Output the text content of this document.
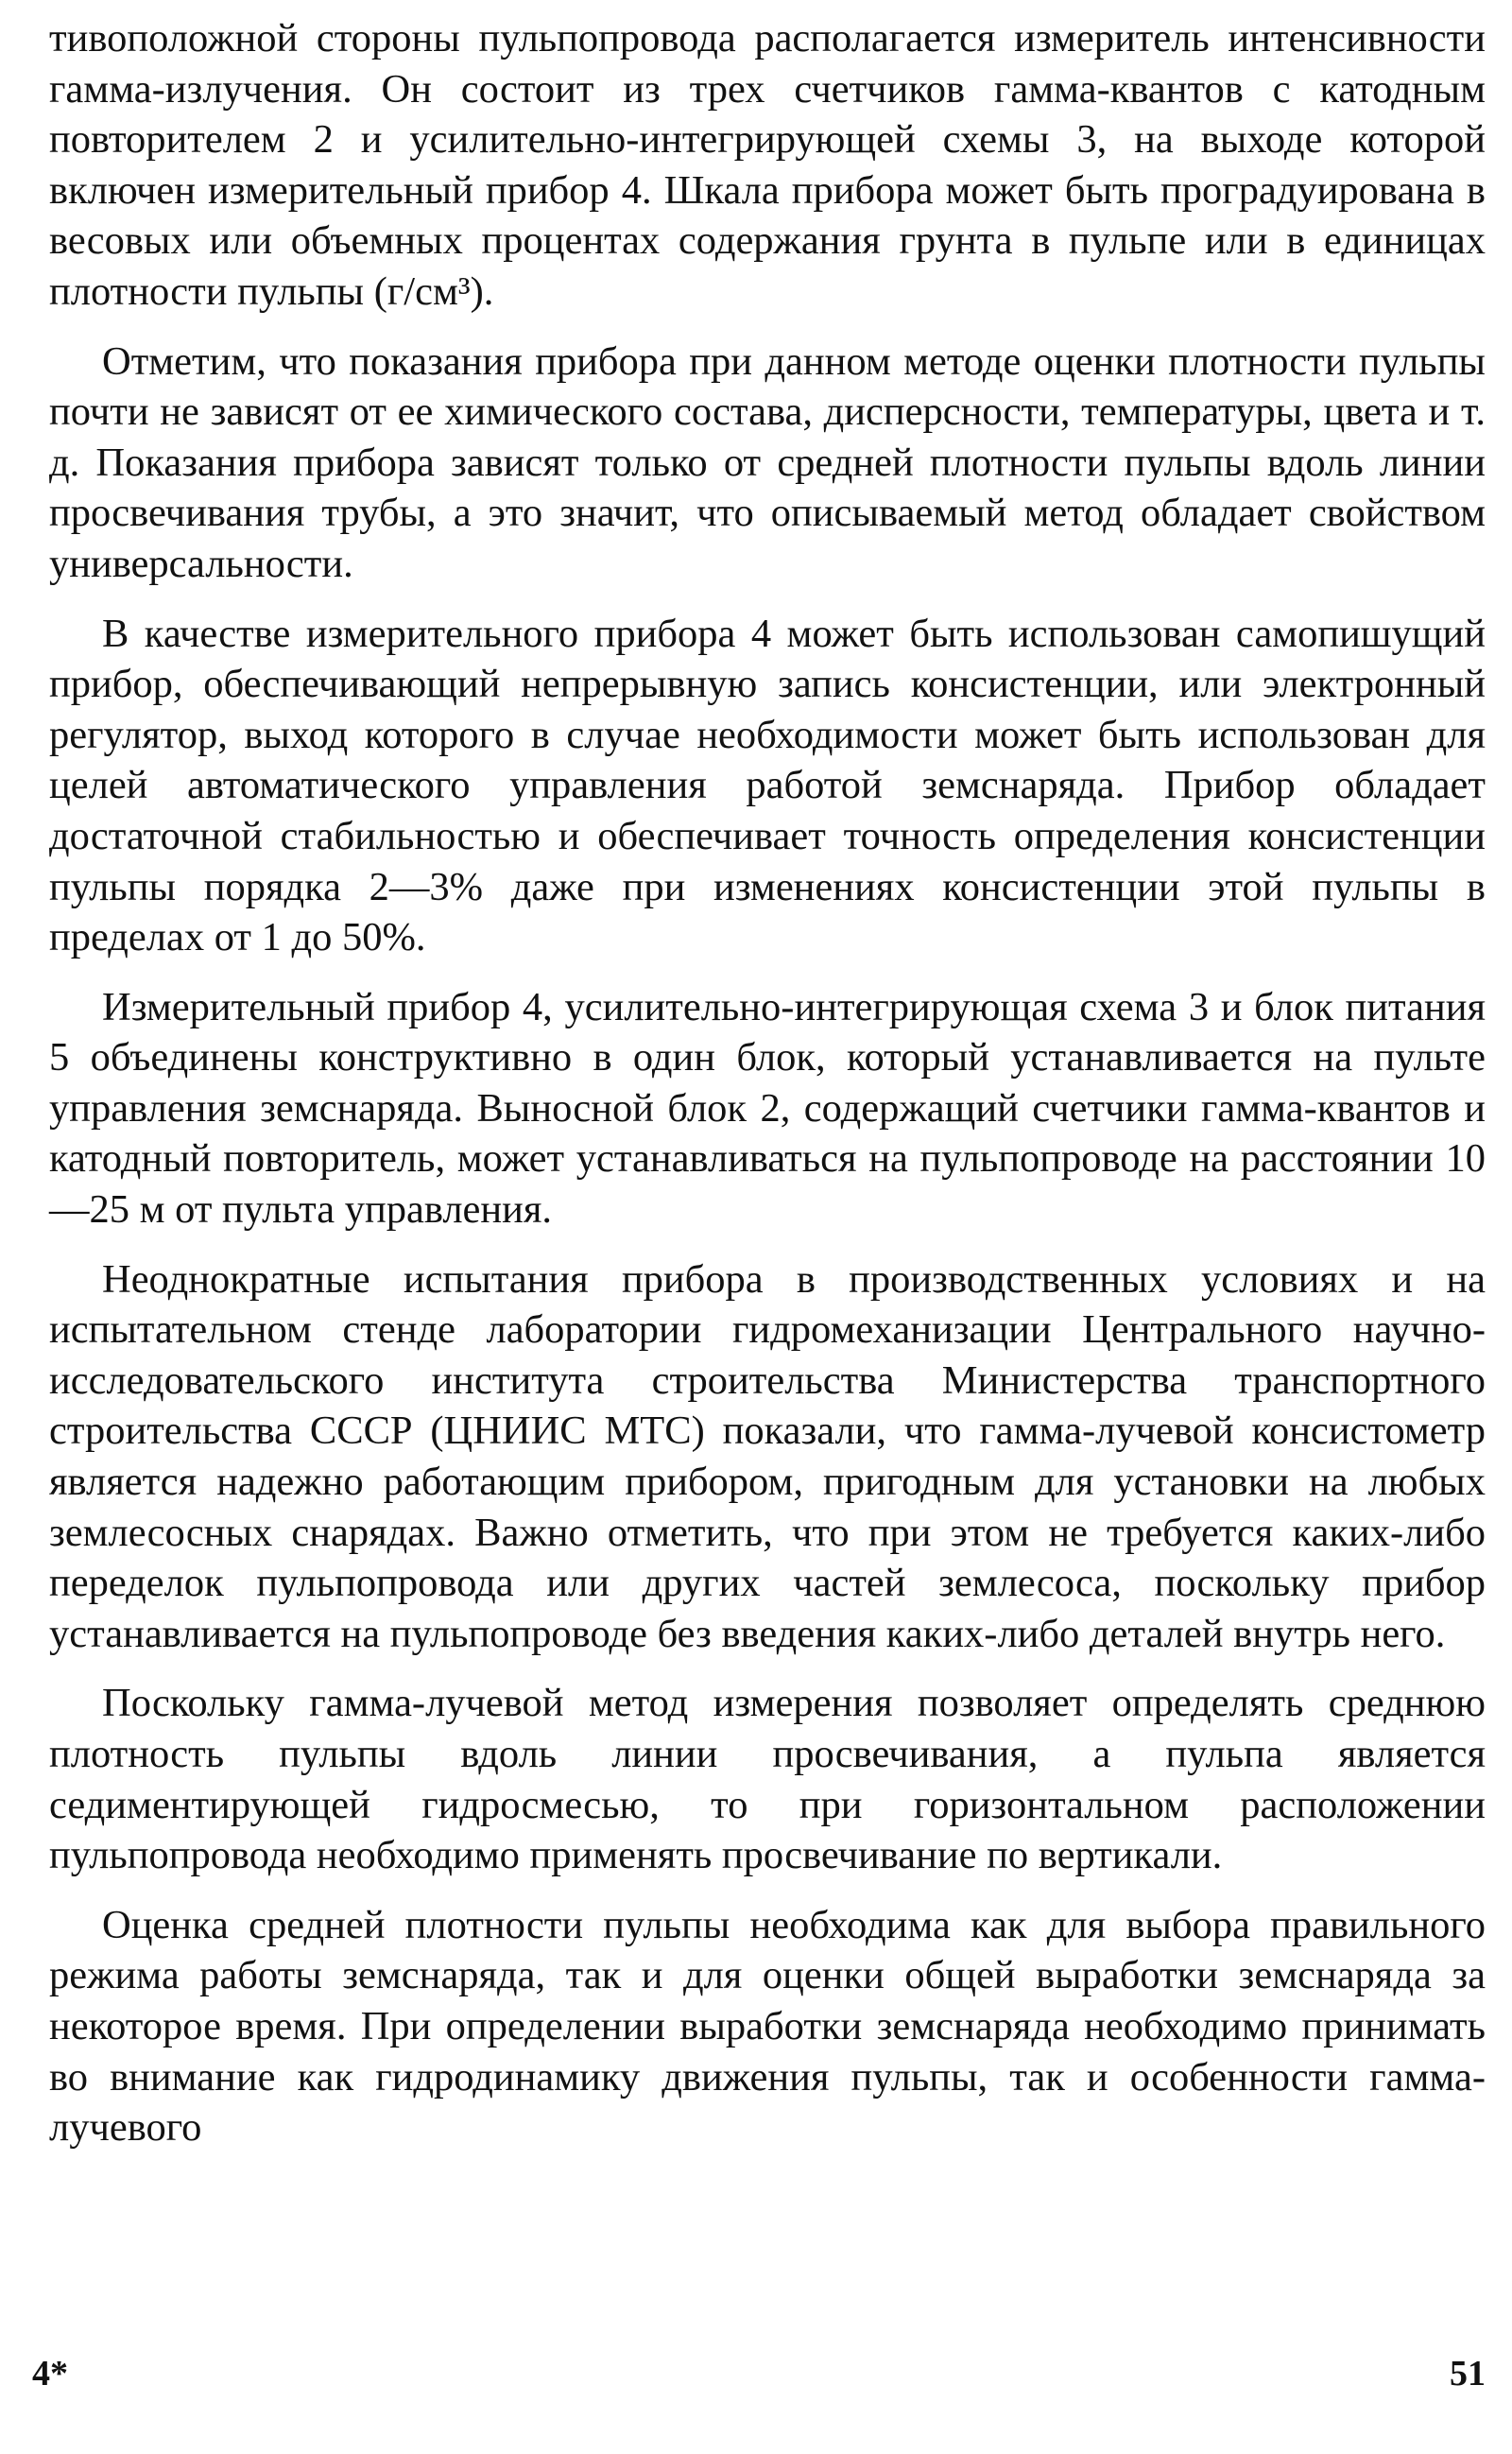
тивоположной стороны пульпопровода располагается измеритель интенсивности гамма-излучения. Он состоит из трех счетчиков гамма-квантов с катодным повторителем 2 и усилительно-интегрирующей схемы 3, на выходе которой включен измерительный прибор 4. Шкала прибора может быть проградуирована в весовых или объемных процентах содержания грунта в пульпе или в единицах плотности пульпы (г/см³).

Отметим, что показания прибора при данном методе оценки плотности пульпы почти не зависят от ее химического состава, дисперсности, температуры, цвета и т. д. Показания прибора зависят только от средней плотности пульпы вдоль линии просвечивания трубы, а это значит, что описываемый метод обладает свойством универсальности.

В качестве измерительного прибора 4 может быть использован самопишущий прибор, обеспечивающий непрерывную запись консистенции, или электронный регулятор, выход которого в случае необходимости может быть использован для целей автоматического управления работой земснаряда. Прибор обладает достаточной стабильностью и обеспечивает точность определения консистенции пульпы порядка 2—3% даже при изменениях консистенции этой пульпы в пределах от 1 до 50%.

Измерительный прибор 4, усилительно-интегрирующая схема 3 и блок питания 5 объединены конструктивно в один блок, который устанавливается на пульте управления земснаряда. Выносной блок 2, содержащий счетчики гамма-квантов и катодный повторитель, может устанавливаться на пульпопроводе на расстоянии 10—25 м от пульта управления.

Неоднократные испытания прибора в производственных условиях и на испытательном стенде лаборатории гидромеханизации Центрального научно-исследовательского института строительства Министерства транспортного строительства СССР (ЦНИИС МТС) показали, что гамма-лучевой консистометр является надежно работающим прибором, пригодным для установки на любых землесосных снарядах. Важно отметить, что при этом не требуется каких-либо переделок пульпопровода или других частей землесоса, поскольку прибор устанавливается на пульпопроводе без введения каких-либо деталей внутрь него.

Поскольку гамма-лучевой метод измерения позволяет определять среднюю плотность пульпы вдоль линии просвечивания, а пульпа является седиментирующей гидросмесью, то при горизонтальном расположении пульпопровода необходимо применять просвечивание по вертикали.

Оценка средней плотности пульпы необходима как для выбора правильного режима работы земснаряда, так и для оценки общей выработки земснаряда за некоторое время. При определении выработки земснаряда необходимо принимать во внимание как гидродинамику движения пульпы, так и особенности гамма-лучевого

4*	51
